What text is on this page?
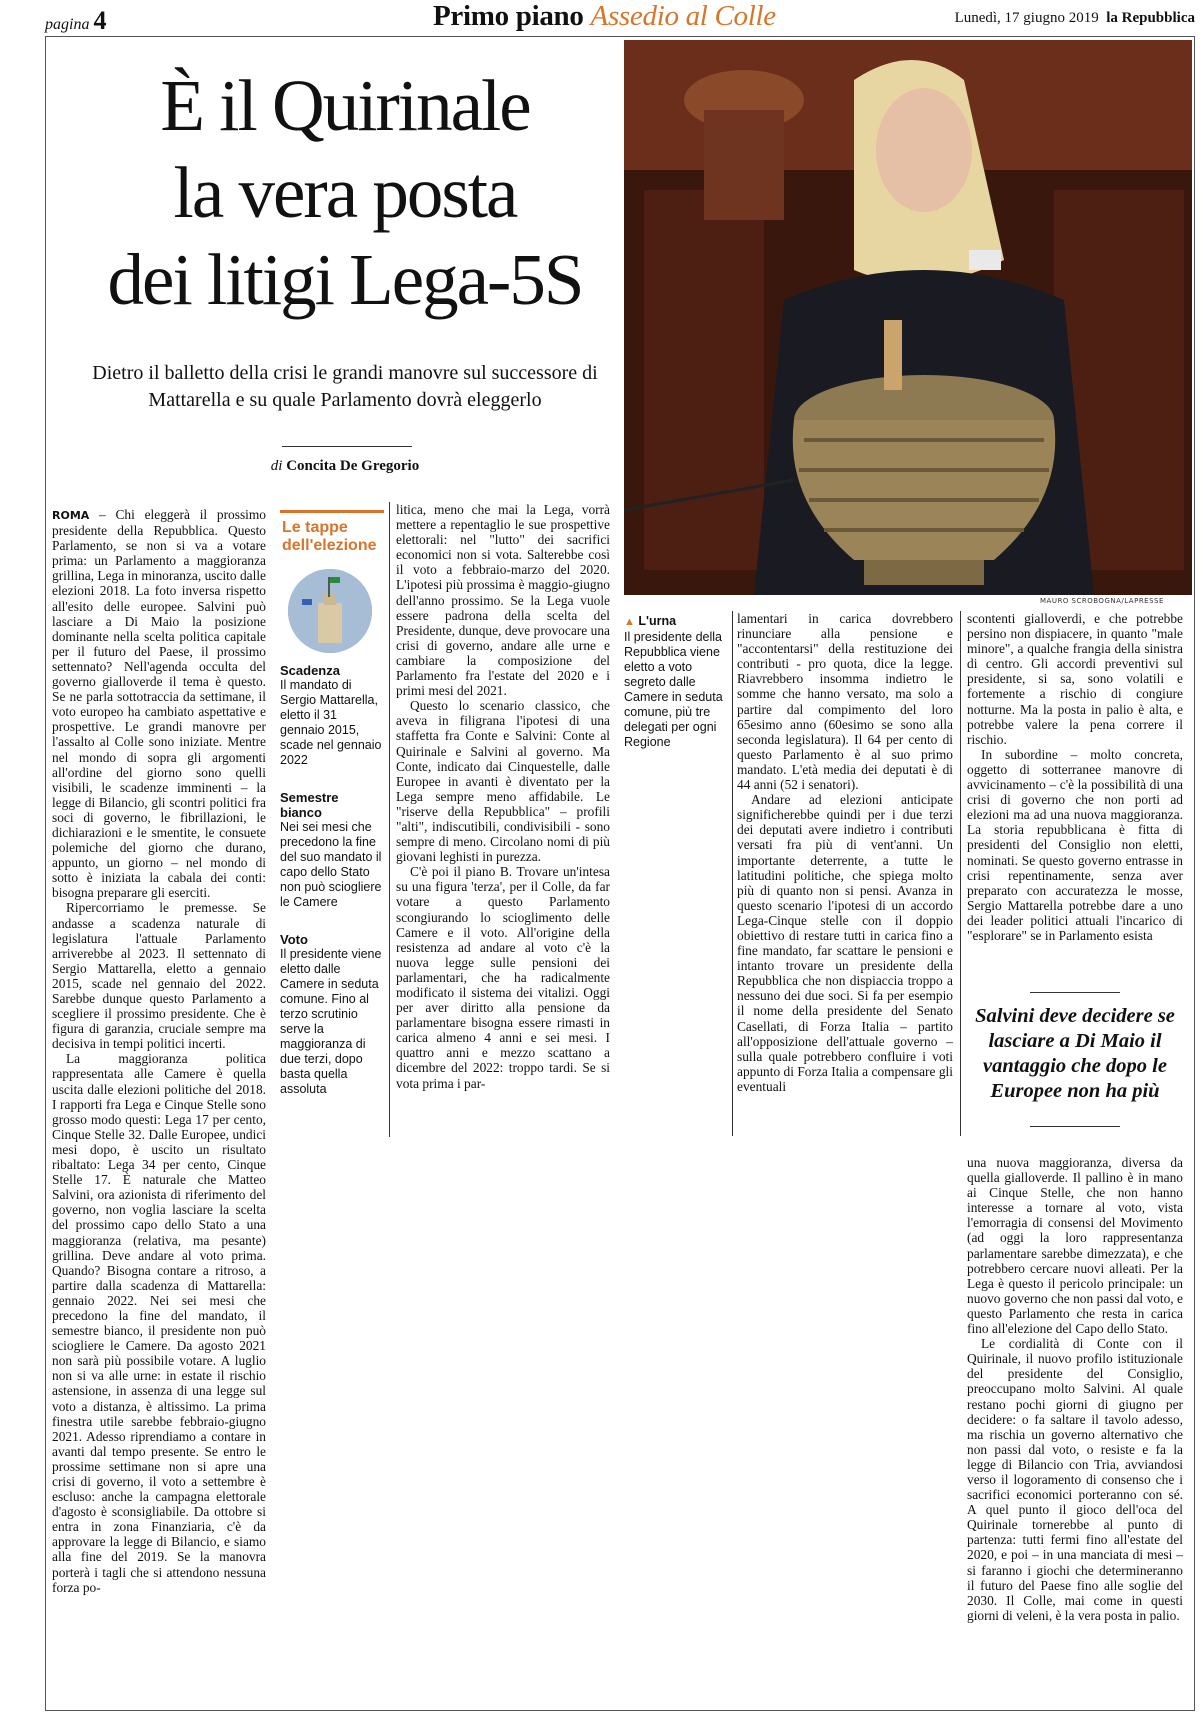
pagina 4	Primo piano Assedio al Colle	Lunedì, 17 giugno 2019 la Repubblica
È il Quirinale
la vera posta
dei litigi Lega-5S
Dietro il balletto della crisi le grandi manovre sul successore di Mattarella e su quale Parlamento dovrà eleggerlo
di Concita De Gregorio
MAURO SCROBOGNA/LAPRESSE

ROMA – Chi eleggerà il prossimo presidente della Repubblica. Questo Parlamento, se non si va a votare prima: un Parlamento a maggioranza grillina, Lega in minoranza, uscito dalle elezioni 2018. La foto inversa rispetto all'esito delle europee. Salvini può lasciare a Di Maio la posizione dominante nella scelta politica capitale per il futuro del Paese, il prossimo settennato? Nell'agenda occulta del governo gialloverde il tema è questo. Se ne parla sottotraccia da settimane, il voto europeo ha cambiato aspettative e prospettive. Le grandi manovre per l'assalto al Colle sono iniziate. Mentre nel mondo di sopra gli argomenti all'ordine del giorno sono quelli visibili, le scadenze imminenti – la legge di Bilancio, gli scontri politici fra soci di governo, le fibrillazioni, le dichiarazioni e le smentite, le consuete polemiche del giorno che durano, appunto, un giorno – nel mondo di sotto è iniziata la cabala dei conti: bisogna preparare gli eserciti.

Ripercorriamo le premesse. Se andasse a scadenza naturale di legislatura l'attuale Parlamento arriverebbe al 2023. Il settennato di Sergio Mattarella, eletto a gennaio 2015, scade nel gennaio del 2022. Sarebbe dunque questo Parlamento a scegliere il prossimo presidente. Che è figura di garanzia, cruciale sempre ma decisiva in tempi politici incerti.

La maggioranza politica rappresentata alle Camere è quella uscita dalle elezioni politiche del 2018. I rapporti fra Lega e Cinque Stelle sono grosso modo questi: Lega 17 per cento, Cinque Stelle 32. Dalle Europee, undici mesi dopo, è uscito un risultato ribaltato: Lega 34 per cento, Cinque Stelle 17. È naturale che Matteo Salvini, ora azionista di riferimento del governo, non voglia lasciare la scelta del prossimo capo dello Stato a una maggioranza (relativa, ma pesante) grillina. Deve andare al voto prima. Quando? Bisogna contare a ritroso, a partire dalla scadenza di Mattarella: gennaio 2022. Nei sei mesi che precedono la fine del mandato, il semestre bianco, il presidente non può sciogliere le Camere. Da agosto 2021 non sarà più possibile votare. A luglio non si va alle urne: in estate il rischio astensione, in assenza di una legge sul voto a distanza, è altissimo. La prima finestra utile sarebbe febbraio-giugno 2021. Adesso riprendiamo a contare in avanti dal tempo presente. Se entro le prossime settimane non si apre una crisi di governo, il voto a settembre è escluso: anche la campagna elettorale d'agosto è sconsigliabile. Da ottobre si entra in zona Finanziaria, c'è da approvare la legge di Bilancio, e siamo alla fine del 2019. Se la manovra porterà i tagli che si attendono nessuna forza po-

Le tappe dell'elezione
Scadenza
Il mandato di Sergio Mattarella, eletto il 31 gennaio 2015, scade nel gennaio 2022
Semestre bianco
Nei sei mesi che precedono la fine del suo mandato il capo dello Stato non può sciogliere le Camere
Voto
Il presidente viene eletto dalle Camere in seduta comune. Fino al terzo scrutinio serve la maggioranza di due terzi, dopo basta quella assoluta

litica, meno che mai la Lega, vorrà mettere a repentaglio le sue prospettive elettorali: nel "lutto" dei sacrifici economici non si vota. Salterebbe così il voto a febbraio-marzo del 2020. L'ipotesi più prossima è maggio-giugno dell'anno prossimo. Se la Lega vuole essere padrona della scelta del Presidente, dunque, deve provocare una crisi di governo, andare alle urne e cambiare la composizione del Parlamento fra l'estate del 2020 e i primi mesi del 2021.

Questo lo scenario classico, che aveva in filigrana l'ipotesi di una staffetta fra Conte e Salvini: Conte al Quirinale e Salvini al governo. Ma Conte, indicato dai Cinquestelle, dalle Europee in avanti è diventato per la Lega sempre meno affidabile. Le "riserve della Repubblica" – profili "alti", indiscutibili, condivisibili - sono sempre di meno. Circolano nomi di più giovani leghisti in purezza.

C'è poi il piano B. Trovare un'intesa su una figura 'terza', per il Colle, da far votare a questo Parlamento scongiurando lo scioglimento delle Camere e il voto. All'origine della resistenza ad andare al voto c'è la nuova legge sulle pensioni dei parlamentari, che ha radicalmente modificato il sistema dei vitalizi. Oggi per aver diritto alla pensione da parlamentare bisogna essere rimasti in carica almeno 4 anni e sei mesi. I quattro anni e mezzo scattano a dicembre del 2022: troppo tardi. Se si vota prima i par-

▲ L'urna
Il presidente della Repubblica viene eletto a voto segreto dalle Camere in seduta comune, più tre delegati per ogni Regione

lamentari in carica dovrebbero rinunciare alla pensione e "accontentarsi" della restituzione dei contributi - pro quota, dice la legge. Riavrebbero insomma indietro le somme che hanno versato, ma solo a partire dal compimento del loro 65esimo anno (60esimo se sono alla seconda legislatura). Il 64 per cento di questo Parlamento è al suo primo mandato. L'età media dei deputati è di 44 anni (52 i senatori).

Andare ad elezioni anticipate significherebbe quindi per i due terzi dei deputati avere indietro i contributi versati fra più di vent'anni. Un importante deterrente, a tutte le latitudini politiche, che spiega molto più di quanto non si pensi. Avanza in questo scenario l'ipotesi di un accordo Lega-Cinque stelle con il doppio obiettivo di restare tutti in carica fino a fine mandato, far scattare le pensioni e intanto trovare un presidente della Repubblica che non dispiaccia troppo a nessuno dei due soci. Si fa per esempio il nome della presidente del Senato Casellati, di Forza Italia – partito all'opposizione dell'attuale governo – sulla quale potrebbero confluire i voti appunto di Forza Italia a compensare gli eventuali

scontenti gialloverdi, e che potrebbe persino non dispiacere, in quanto "male minore", a qualche frangia della sinistra di centro. Gli accordi preventivi sul presidente, si sa, sono volatili e fortemente a rischio di congiure notturne. Ma la posta in palio è alta, e potrebbe valere la pena correre il rischio.

In subordine – molto concreta, oggetto di sotterranee manovre di avvicinamento – c'è la possibilità di una crisi di governo che non porti ad elezioni ma ad una nuova maggioranza. La storia repubblicana è fitta di presidenti del Consiglio non eletti, nominati. Se questo governo entrasse in crisi repentinamente, senza aver preparato con accuratezza le mosse, Sergio Mattarella potrebbe dare a uno dei leader politici attuali l'incarico di "esplorare" se in Parlamento esista

Salvini deve decidere se lasciare a Di Maio il vantaggio che dopo le Europee non ha più

una nuova maggioranza, diversa da quella gialloverde. Il pallino è in mano ai Cinque Stelle, che non hanno interesse a tornare al voto, vista l'emorragia di consensi del Movimento (ad oggi la loro rappresentanza parlamentare sarebbe dimezzata), e che potrebbero cercare nuovi alleati. Per la Lega è questo il pericolo principale: un nuovo governo che non passi dal voto, e questo Parlamento che resta in carica fino all'elezione del Capo dello Stato.

Le cordialità di Conte con il Quirinale, il nuovo profilo istituzionale del presidente del Consiglio, preoccupano molto Salvini. Al quale restano pochi giorni di giugno per decidere: o fa saltare il tavolo adesso, ma rischia un governo alternativo che non passi dal voto, o resiste e fa la legge di Bilancio con Tria, avviandosi verso il logoramento di consenso che i sacrifici economici porteranno con sé. A quel punto il gioco dell'oca del Quirinale tornerebbe al punto di partenza: tutti fermi fino all'estate del 2020, e poi – in una manciata di mesi – si faranno i giochi che determineranno il futuro del Paese fino alle soglie del 2030. Il Colle, mai come in questi giorni di veleni, è la vera posta in palio.
